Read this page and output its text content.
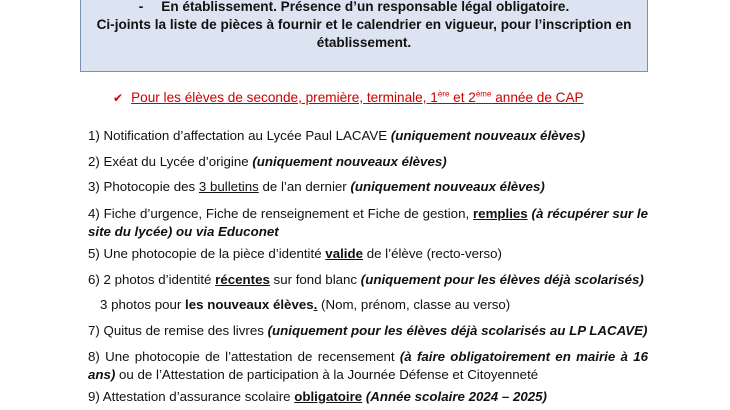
- En établissement. Présence d’un responsable légal obligatoire.
Ci-joints la liste de pièces à fournir et le calendrier en vigueur, pour l’inscription en
établissement.
✔ Pour les élèves de seconde, première, terminale, 1ère et 2ème année de CAP
1) Notification d’affectation au Lycée Paul LACAVE (uniquement nouveaux élèves)
2) Exéat du Lycée d’origine (uniquement nouveaux élèves)
3) Photocopie des 3 bulletins de l’an dernier (uniquement nouveaux élèves)
4) Fiche d’urgence, Fiche de renseignement et Fiche de gestion, remplies (à récupérer sur le site du lycée) ou via Educonet
5) Une photocopie de la pièce d’identité valide de l’élève (recto-verso)
6) 2 photos d’identité récentes sur fond blanc (uniquement pour les élèves déjà scolarisés)
3 photos pour les nouveaux élèves. (Nom, prénom, classe au verso)
7) Quitus de remise des livres (uniquement pour les élèves déjà scolarisés au LP LACAVE)
8) Une photocopie de l’attestation de recensement (à faire obligatoirement en mairie à 16 ans) ou de l’Attestation de participation à la Journée Défense et Citoyenneté
9) Attestation d’assurance scolaire obligatoire (Année scolaire 2024 – 2025)
